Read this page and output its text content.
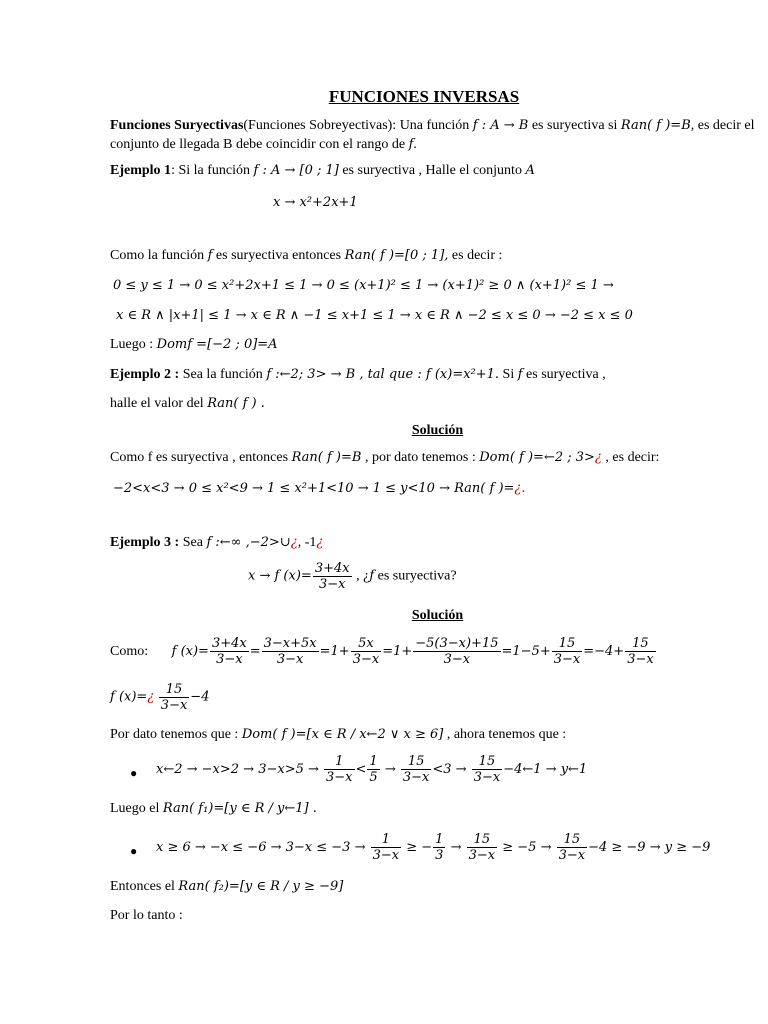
FUNCIONES INVERSAS
Funciones Suryectivas(Funciones Sobreyectivas): Una función f : A → B es suryectiva si Ran( f )=B, es decir el
conjunto de llegada B debe coincidir con el rango de f.
Ejemplo 1: Si la función f : A → [0 ; 1] es suryectiva , Halle el conjunto A
x → x²+2x+1
Como la función f es suryectiva entonces Ran( f )=[0 ; 1], es decir :
0 ≤ y ≤ 1 → 0 ≤ x²+2x+1 ≤ 1 → 0 ≤ (x+1)² ≤ 1 → (x+1)² ≥ 0 ∧ (x+1)² ≤ 1 →
x ∈ R ∧ |x+1| ≤ 1 → x ∈ R ∧ −1 ≤ x+1 ≤ 1 → x ∈ R ∧ −2 ≤ x ≤ 0 → −2 ≤ x ≤ 0
Luego : Domf =[−2 ; 0]=A
Ejemplo 2 : Sea la función f :←2; 3> → B , tal que : f (x)=x²+1. Si f es suryectiva ,
halle el valor del Ran( f ) .
Solución
Como f es suryectiva , entonces Ran( f )=B , por dato tenemos : Dom( f )=←2 ; 3>¿ , es decir:
−2<x<3 → 0 ≤ x²<9 → 1 ≤ x²+1<10 → 1 ≤ y<10 → Ran( f )=¿.
Ejemplo 3 : Sea f :←∞ ,−2>∪¿, -1¿
x → f $(x)= \frac{3+4x}{3-x}$ , ¿f es suryectiva?
Solución
Como: f $(x)= \frac{3+4x}{3-x} = \frac{3-x+5x}{3-x} =1+ \frac{5x}{3-x} =1+ \frac{-5(3-x)+15}{3-x} =1-5+ \frac{15}{3-x} =-4+ \frac{15}{3-x}$
f (x)=¿ $\frac{15}{3-x} -4$
Por dato tenemos que : Dom( f )=[x ∈ R / x←2 ∨ x ≥ 6] , ahora tenemos que :
● x←2 → $-x>2 \to 3-x>5 \to \frac{1}{3-x} < \frac{1}{5} \to \frac{15}{3-x} <3 \to \frac{15}{3-x}$ −4←1 → y←1
Luego el Ran( f₁)=[y ∈ R / y←1] .
● $x \ge 6 \to -x \le -6 \to 3-x \le -3 \to \frac{1}{3-x}$ ≥ − $\frac{1}{3} \to \frac{15}{3-x} \ge -5 \to \frac{15}{3-x} -4 \ge -9 \to y \ge -9$
Entonces el Ran( f₂)=[y ∈ R / y ≥ −9]
Por lo tanto :
